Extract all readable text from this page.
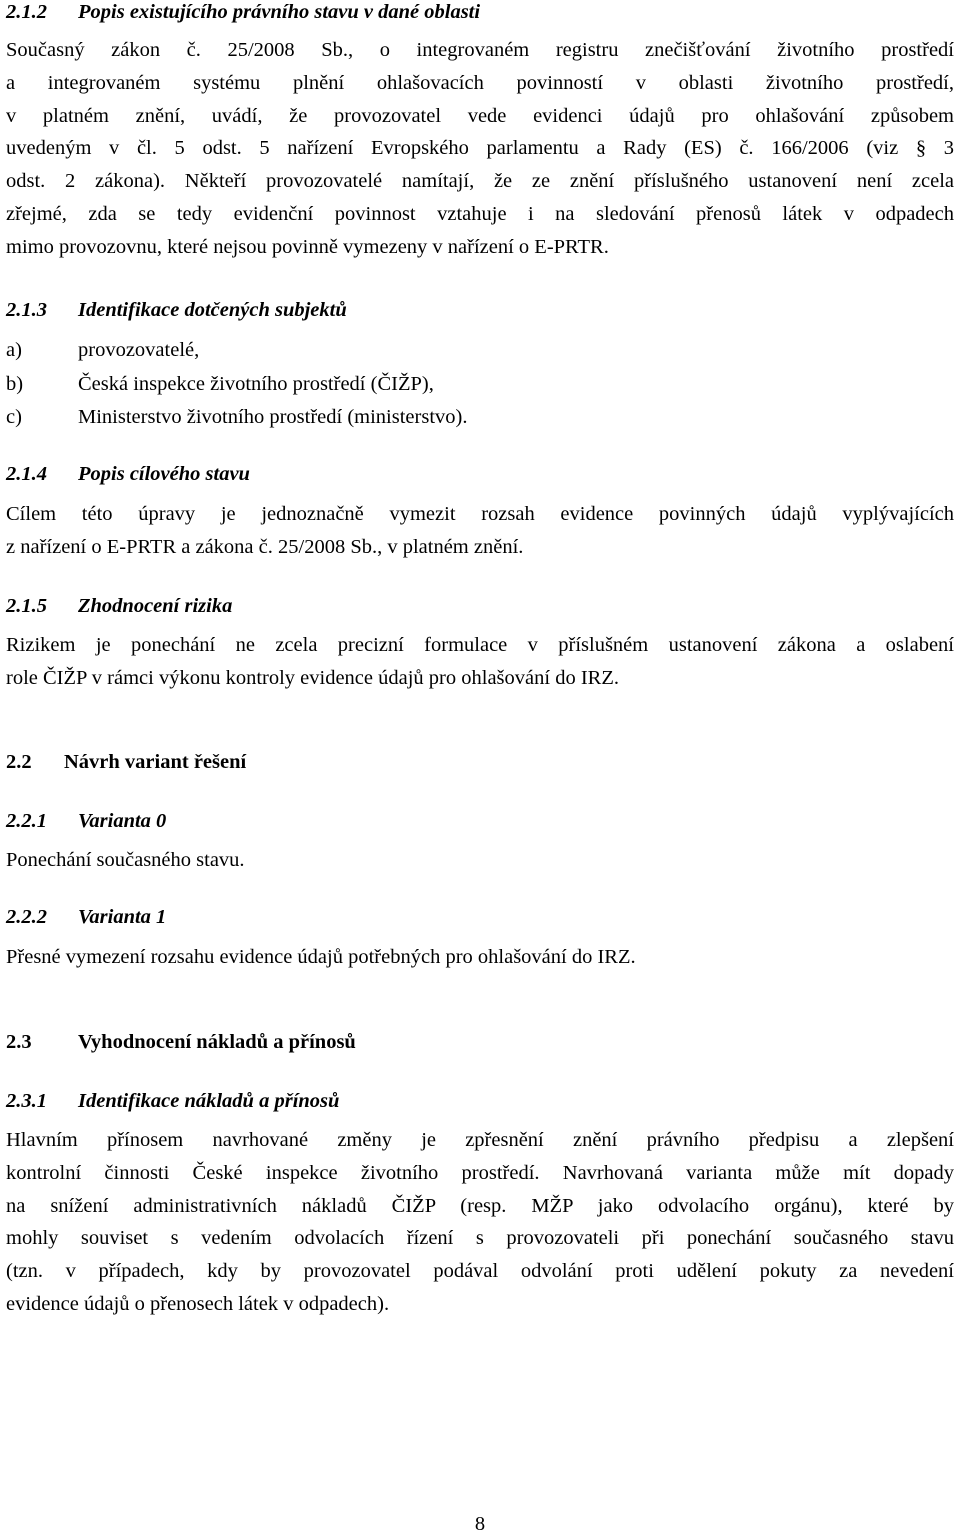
2.1.2 Popis existujícího právního stavu v dané oblasti
Současný zákon č. 25/2008 Sb., o integrovaném registru znečišťování životního prostředí
a integrovaném systému plnění ohlašovacích povinností v oblasti životního prostředí,
v platném znění, uvádí, že provozovatel vede evidenci údajů pro ohlašování způsobem
uvedeným v čl. 5 odst. 5 nařízení Evropského parlamentu a Rady (ES) č. 166/2006 (viz § 3
odst. 2 zákona). Někteří provozovatelé namítají, že ze znění příslušného ustanovení není zcela
zřejmé, zda se tedy evidenční povinnost vztahuje i na sledování přenosů látek v odpadech
mimo provozovnu, které nejsou povinně vymezeny v nařízení o E-PRTR.
2.1.3 Identifikace dotčených subjektů
a)	provozovatelé,
b)	Česká inspekce životního prostředí (ČIŽP),
c)	Ministerstvo životního prostředí (ministerstvo).
2.1.4 Popis cílového stavu
Cílem této úpravy je jednoznačně vymezit rozsah evidence povinných údajů vyplývajících
z nařízení o E-PRTR a zákona č. 25/2008 Sb., v platném znění.
2.1.5 Zhodnocení rizika
Rizikem je ponechání ne zcela precizní formulace v příslušném ustanovení zákona a oslabení
role ČIŽP v rámci výkonu kontroly evidence údajů pro ohlašování do IRZ.
2.2 Návrh variant řešení
2.2.1 Varianta 0
Ponechání současného stavu.
2.2.2 Varianta 1
Přesné vymezení rozsahu evidence údajů potřebných pro ohlašování do IRZ.
2.3 Vyhodnocení nákladů a přínosů
2.3.1 Identifikace nákladů a přínosů
Hlavním přínosem navrhované změny je zpřesnění znění právního předpisu a zlepšení
kontrolní činnosti České inspekce životního prostředí. Navrhovaná varianta může mít dopady
na snížení administrativních nákladů ČIŽP (resp. MŽP jako odvolacího orgánu), které by
mohly souviset s vedením odvolacích řízení s provozovateli při ponechání současného stavu
(tzn. v případech, kdy by provozovatel podával odvolání proti udělení pokuty za nevedení
evidence údajů o přenosech látek v odpadech).
8
